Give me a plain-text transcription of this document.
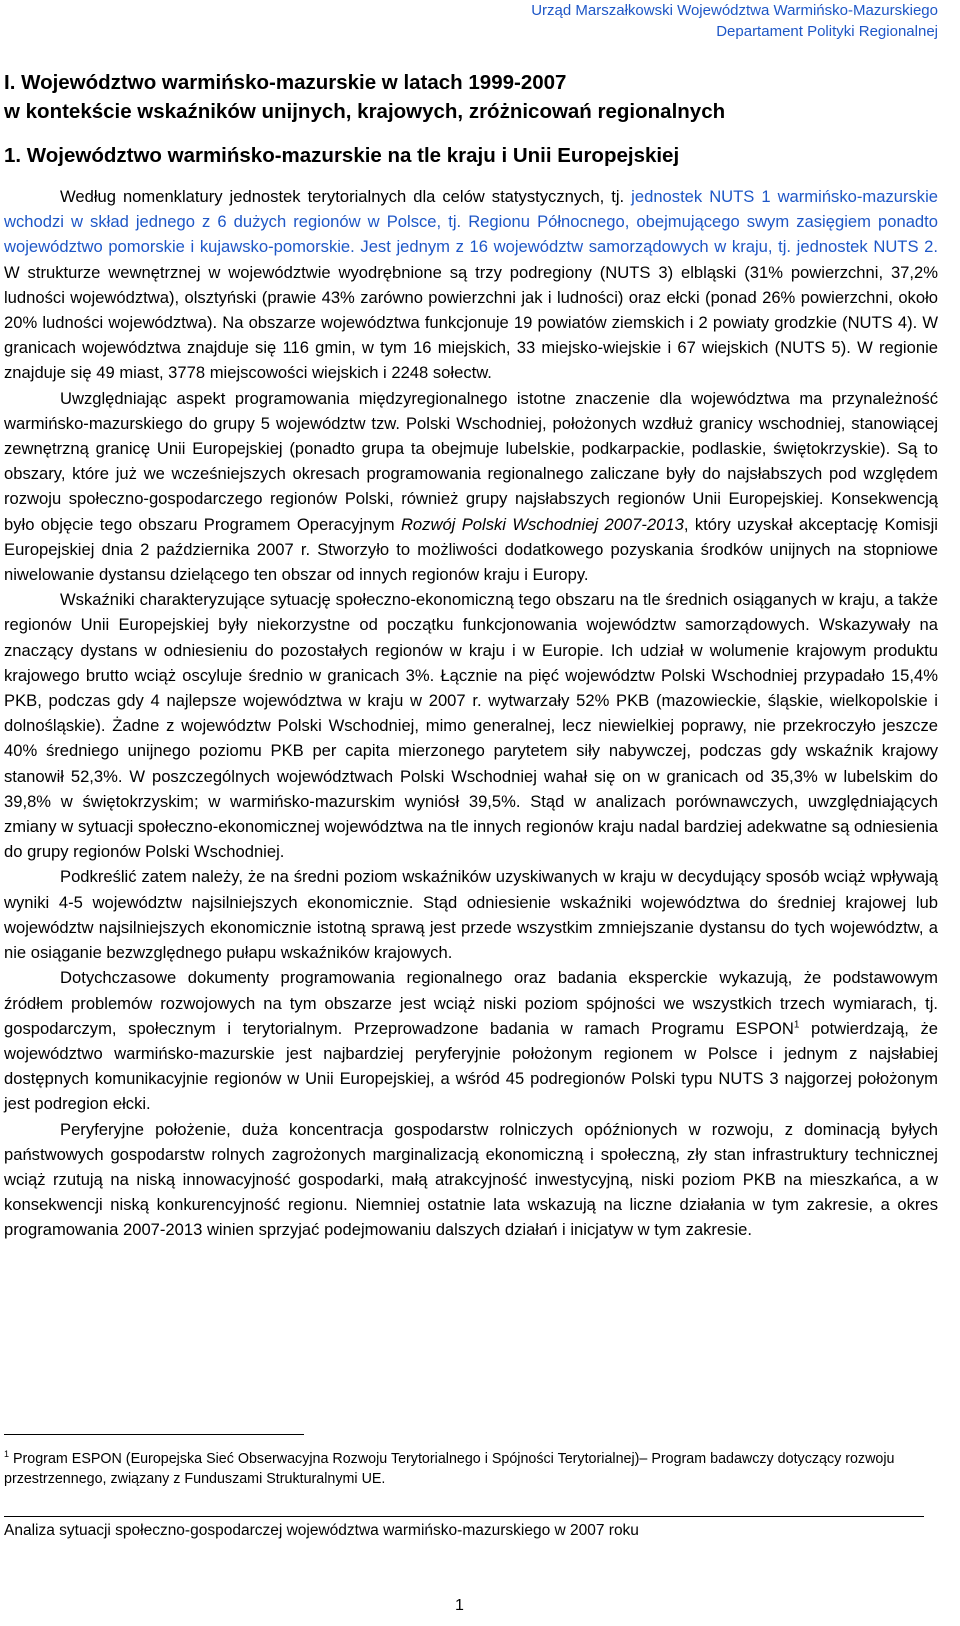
Urząd Marszałkowski Województwa Warmińsko-Mazurskiego
Departament Polityki Regionalnej
I. Województwo warmińsko-mazurskie w latach 1999-2007
w kontekście wskaźników unijnych, krajowych, zróżnicowań regionalnych
1. Województwo warmińsko-mazurskie na tle kraju i Unii Europejskiej

Według nomenklatury jednostek terytorialnych dla celów statystycznych, tj. jednostek NUTS 1 warmińsko-mazurskie wchodzi w skład jednego z 6 dużych regionów w Polsce, tj. Regionu Północnego, obejmującego swym zasięgiem ponadto województwo pomorskie i kujawsko-pomorskie. Jest jednym z 16 województw samorządowych w kraju, tj. jednostek NUTS 2. W strukturze wewnętrznej w województwie wyodrębnione są trzy podregiony (NUTS 3) elbląski (31% powierzchni, 37,2% ludności województwa), olsztyński (prawie 43% zarówno powierzchni jak i ludności) oraz ełcki (ponad 26% powierzchni, około 20% ludności województwa). Na obszarze województwa funkcjonuje 19 powiatów ziemskich i 2 powiaty grodzkie (NUTS 4). W granicach województwa znajduje się 116 gmin, w tym 16 miejskich, 33 miejsko-wiejskie i 67 wiejskich (NUTS 5). W regionie znajduje się 49 miast, 3778 miejscowości wiejskich i 2248 sołectw.

Uwzględniając aspekt programowania międzyregionalnego istotne znaczenie dla województwa ma przynależność warmińsko-mazurskiego do grupy 5 województw tzw. Polski Wschodniej, położonych wzdłuż granicy wschodniej, stanowiącej zewnętrzną granicę Unii Europejskiej (ponadto grupa ta obejmuje lubelskie, podkarpackie, podlaskie, świętokrzyskie). Są to obszary, które już we wcześniejszych okresach programowania regionalnego zaliczane były do najsłabszych pod względem rozwoju społeczno-gospodarczego regionów Polski, również grupy najsłabszych regionów Unii Europejskiej. Konsekwencją było objęcie tego obszaru Programem Operacyjnym Rozwój Polski Wschodniej 2007-2013, który uzyskał akceptację Komisji Europejskiej dnia 2 października 2007 r. Stworzyło to możliwości dodatkowego pozyskania środków unijnych na stopniowe niwelowanie dystansu dzielącego ten obszar od innych regionów kraju i Europy.

Wskaźniki charakteryzujące sytuację społeczno-ekonomiczną tego obszaru na tle średnich osiąganych w kraju, a także regionów Unii Europejskiej były niekorzystne od początku funkcjonowania województw samorządowych. Wskazywały na znaczący dystans w odniesieniu do pozostałych regionów w kraju i w Europie. Ich udział w wolumenie krajowym produktu krajowego brutto wciąż oscyluje średnio w granicach 3%. Łącznie na pięć województw Polski Wschodniej przypadało 15,4% PKB, podczas gdy 4 najlepsze województwa w kraju w 2007 r. wytwarzały 52% PKB (mazowieckie, śląskie, wielkopolskie i dolnośląskie). Żadne z województw Polski Wschodniej, mimo generalnej, lecz niewielkiej poprawy, nie przekroczyło jeszcze 40% średniego unijnego poziomu PKB per capita mierzonego parytetem siły nabywczej, podczas gdy wskaźnik krajowy stanowił 52,3%. W poszczególnych województwach Polski Wschodniej wahał się on w granicach od 35,3% w lubelskim do 39,8% w świętokrzyskim; w warmińsko-mazurskim wyniósł 39,5%. Stąd w analizach porównawczych, uwzględniających zmiany w sytuacji społeczno-ekonomicznej województwa na tle innych regionów kraju nadal bardziej adekwatne są odniesienia do grupy regionów Polski Wschodniej.

Podkreślić zatem należy, że na średni poziom wskaźników uzyskiwanych w kraju w decydujący sposób wciąż wpływają wyniki 4-5 województw najsilniejszych ekonomicznie. Stąd odniesienie wskaźniki województwa do średniej krajowej lub województw najsilniejszych ekonomicznie istotną sprawą jest przede wszystkim zmniejszanie dystansu do tych województw, a nie osiąganie bezwzględnego pułapu wskaźników krajowych.

Dotychczasowe dokumenty programowania regionalnego oraz badania eksperckie wykazują, że podstawowym źródłem problemów rozwojowych na tym obszarze jest wciąż niski poziom spójności we wszystkich trzech wymiarach, tj. gospodarczym, społecznym i terytorialnym. Przeprowadzone badania w ramach Programu ESPON$^1$ potwierdzają, że województwo warmińsko-mazurskie jest najbardziej peryferyjnie położonym regionem w Polsce i jednym z najsłabiej dostępnych komunikacyjnie regionów w Unii Europejskiej, a wśród 45 podregionów Polski typu NUTS 3 najgorzej położonym jest podregion ełcki.

Peryferyjne położenie, duża koncentracja gospodarstw rolniczych opóźnionych w rozwoju, z dominacją byłych państwowych gospodarstw rolnych zagrożonych marginalizacją ekonomiczną i społeczną, zły stan infrastruktury technicznej wciąż rzutują na niską innowacyjność gospodarki, małą atrakcyjność inwestycyjną, niski poziom PKB na mieszkańca, a w konsekwencji niską konkurencyjność regionu. Niemniej ostatnie lata wskazują na liczne działania w tym zakresie, a okres programowania 2007-2013 winien sprzyjać podejmowaniu dalszych działań i inicjatyw w tym zakresie.

$^1$ Program ESPON (Europejska Sieć Obserwacyjna Rozwoju Terytorialnego i Spójności Terytorialnej)– Program badawczy dotyczący rozwoju przestrzennego, związany z Funduszami Strukturalnymi UE.
Analiza sytuacji społeczno-gospodarczej województwa warmińsko-mazurskiego w 2007 roku
1
